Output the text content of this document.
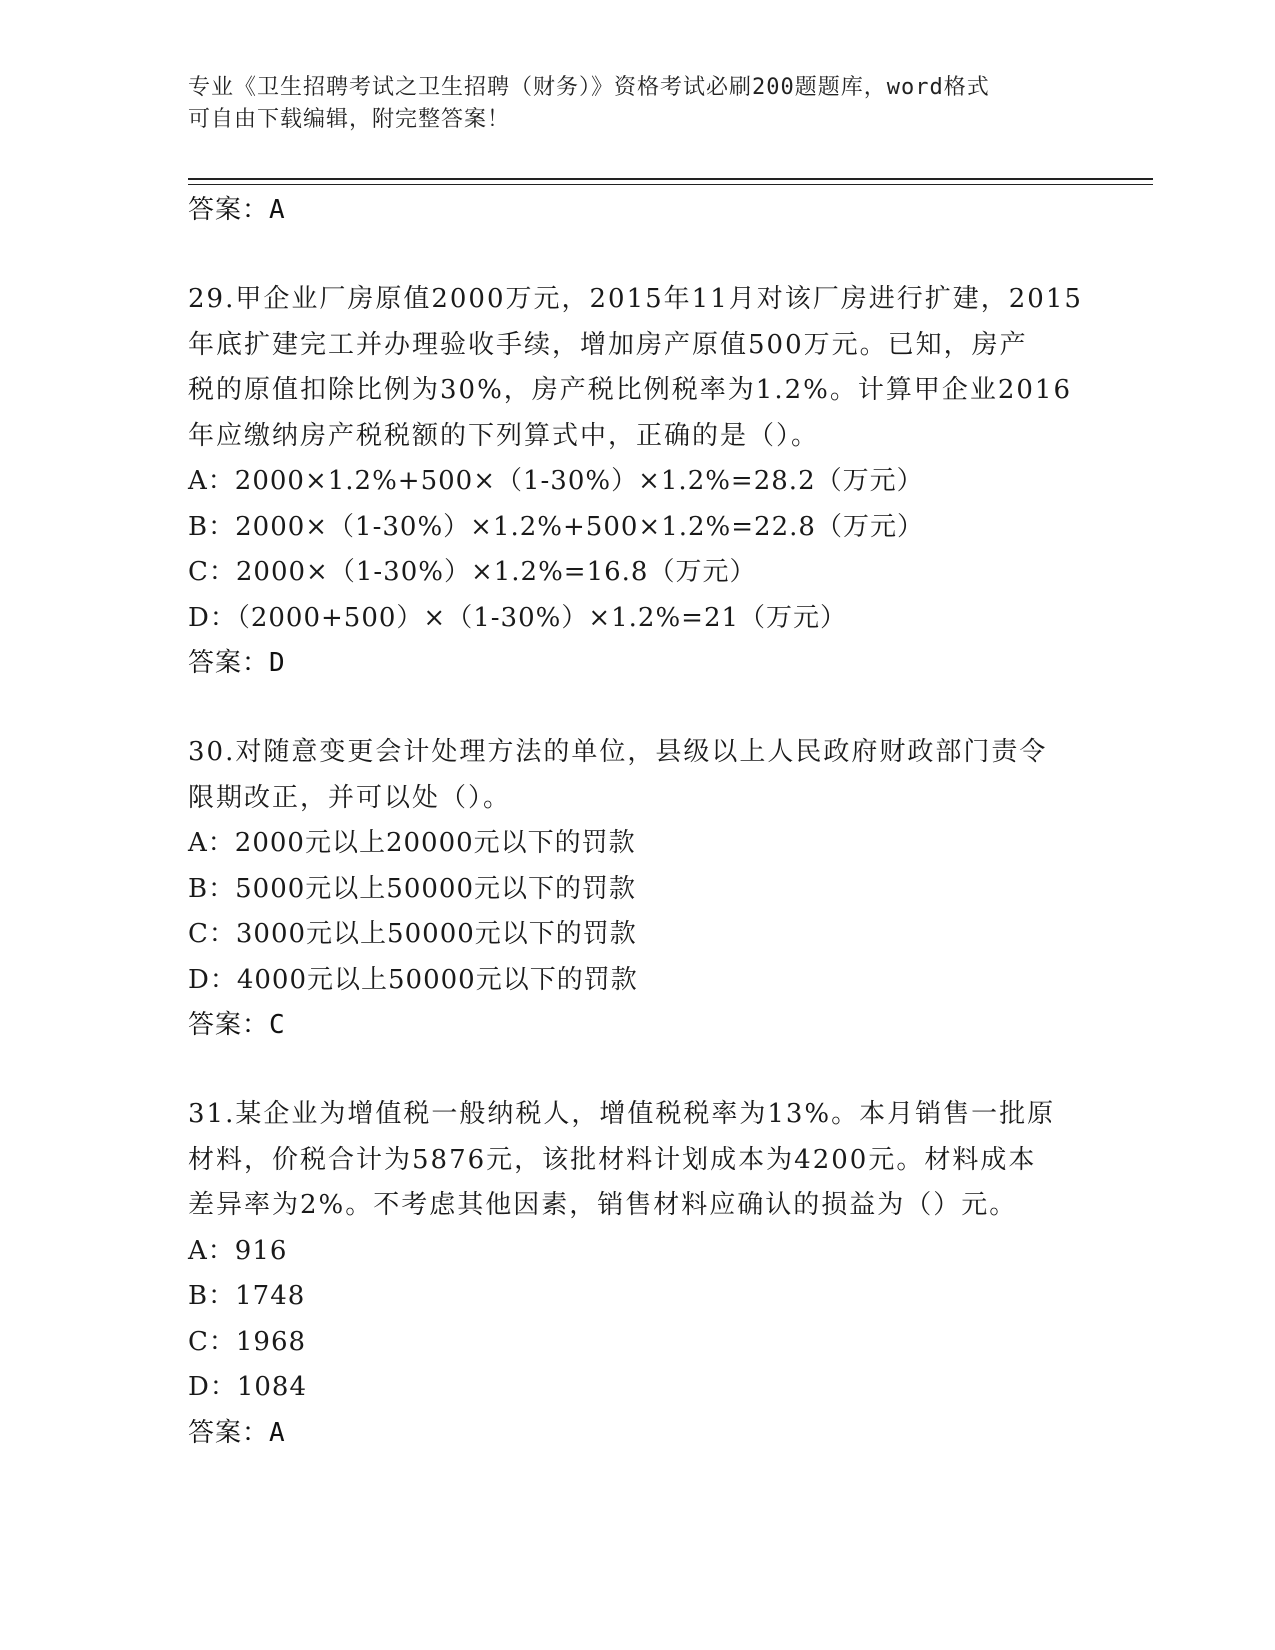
专业《卫生招聘考试之卫生招聘（财务）》资格考试必刷200题题库，word格式
可自由下载编辑，附完整答案！
答案：A
29.甲企业厂房原值2000万元，2015年11月对该厂房进行扩建，2015
年底扩建完工并办理验收手续，增加房产原值500万元。已知，房产
税的原值扣除比例为30%，房产税比例税率为1.2%。计算甲企业2016
年应缴纳房产税税额的下列算式中，正确的是（）。
A：2000×1.2%+500×（1-30%）×1.2%=28.2（万元）
B：2000×（1-30%）×1.2%+500×1.2%=22.8（万元）
C：2000×（1-30%）×1.2%=16.8（万元）
D：（2000+500）×（1-30%）×1.2%=21（万元）
答案：D
30.对随意变更会计处理方法的单位，县级以上人民政府财政部门责令
限期改正，并可以处（）。
A：2000元以上20000元以下的罚款
B：5000元以上50000元以下的罚款
C：3000元以上50000元以下的罚款
D：4000元以上50000元以下的罚款
答案：C
31.某企业为增值税一般纳税人，增值税税率为13%。本月销售一批原
材料，价税合计为5876元，该批材料计划成本为4200元。材料成本
差异率为2%。不考虑其他因素，销售材料应确认的损益为（）元。
A：916
B：1748
C：1968
D：1084
答案：A
